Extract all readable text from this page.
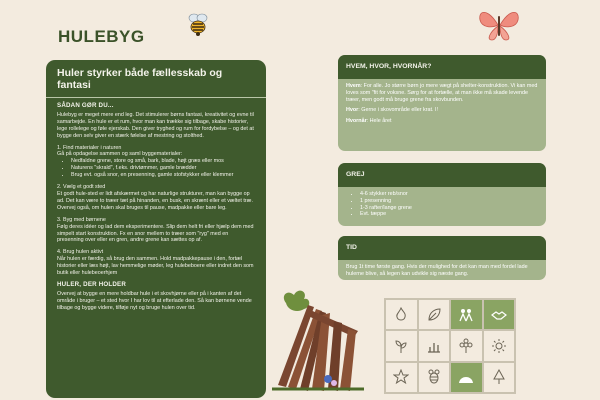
HULEBYG
Huler styrker både fællesskab og fantasi
SÅDAN GØR DU...

Hulebyg er meget mere end leg. Det stimulerer børns fantasi, kreativitet og evne til samarbejde. En hule er et rum, hvor man kan trække sig tilbage, skabe historier, lege rollelege og føle ejerskab. Den giver tryghed og rum for fordybelse – og det at bygge den selv giver en stærk følelse af mestring og stolthed.

1. Find materialer i naturen
Gå på opdagelse sammen og saml byggematerialer:
• Nedfaldne grene, store og små, bark, blade, højt græs eller mos
• Naturens "skrald", f.eks. drivtømmer, gamle brædder
• Brug evt. også snor, en presenning, gamle stofstykker eller klemmer
2. Vælg et godt sted
Et godt hule-sted er lidt afskærmet og har naturlige strukturer, man kan bygge op ad. Det kan være to træer tæt på hinanden, en busk, en skrænt eller et væltet træ. Overvej også, om hulen skal bruges til pause, madpakke eller bare leg.
3. Byg med børnene
Følg deres idéer og lad dem eksperimentere. Slip dem helt fri eller hjælp dem med simpelt start konstruktion. Fx en snor mellem to træer som "ryg" med en presenning over eller en gren, andre grene kan sættes op af.
4. Brug hulen aktivt
Når hulen er færdig, så brug den sammen. Hold madpakkepause i den, fortæl historier eller læs højt, lav hemmelige møder, leg hulebeboere eller indret den som butik eller hulebeoerhjem
HULER, DER HOLDER

Overvej at bygge en mere holdbar hule i et skovhjørne eller på i kanten af det område i bruger – et sted hvor I har lov til at efterlade den. Så kan børnene vende tilbage og bygge videre, tilføje nyt og bruge hulen over tid.

HVEM, HVOR, HVORNÅR?

Hvem: For alle. Jo større børn jo mere vægt på shelter-konstruktion. Vi kan med loves som "fit for voksne. Sørg for at fortælle, at man ikke må skade levende træer, men godt må bruge grene fra skovbunden.

Hvor: Gerne i skovområde eller krat. I!

Hvornår: Hele året

GREJ
• 4-6 stykker reb/snor
• 1 presenning
• 1-3 rafter/lange grene
• Evt. tæppe
TID

Brug 1t time første gang. Hvis der mulighed for det kan man med fordel lade hulerne blive, så legen kan udvikle sig næste gang.
